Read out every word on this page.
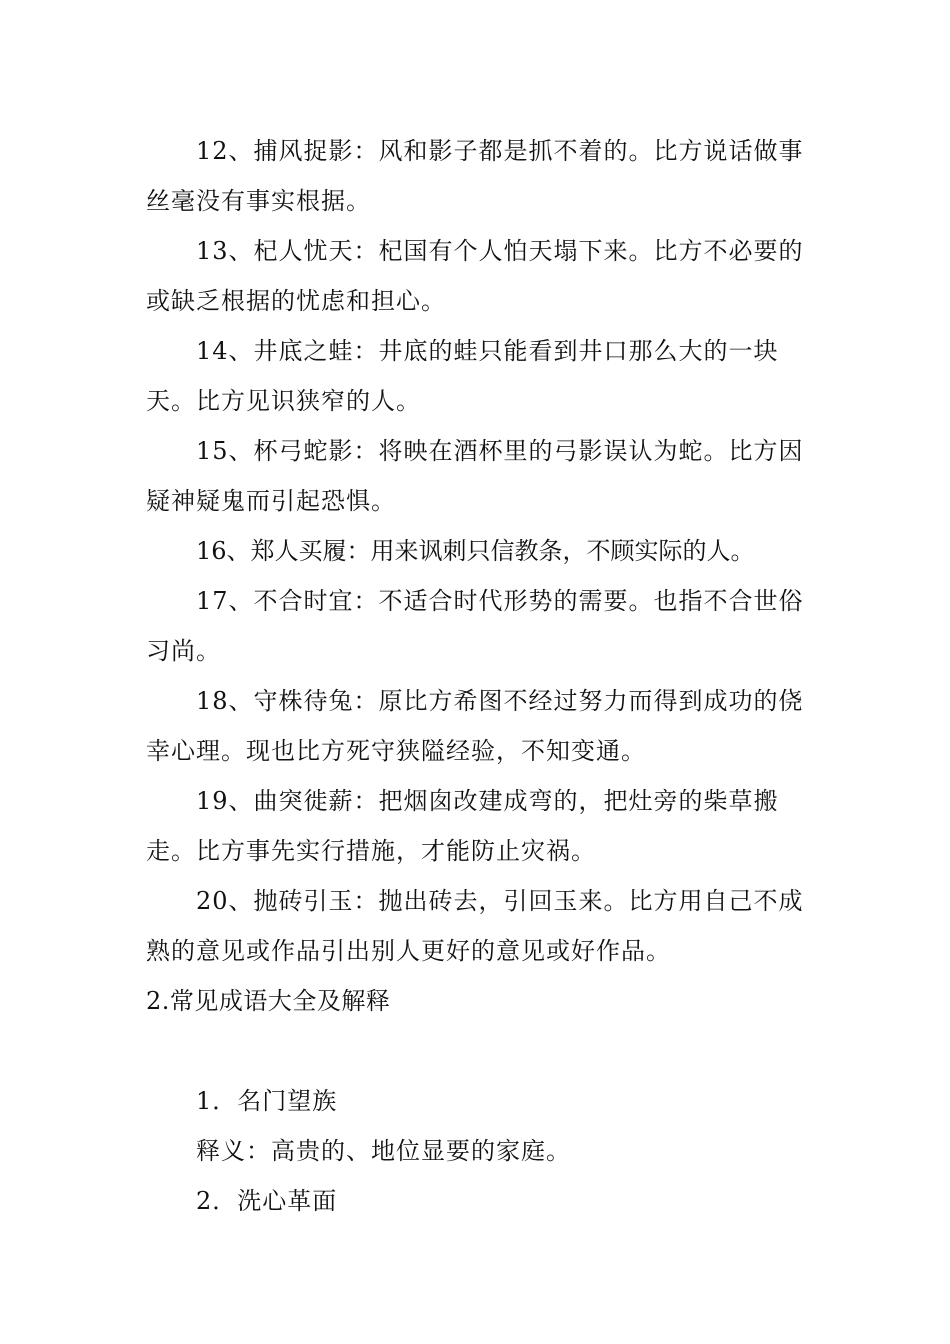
12、捕风捉影：风和影子都是抓不着的。比方说话做事丝毫没有事实根据。

13、杞人忧天：杞国有个人怕天塌下来。比方不必要的或缺乏根据的忧虑和担心。

14、井底之蛙：井底的蛙只能看到井口那么大的一块天。比方见识狭窄的人。

15、杯弓蛇影：将映在酒杯里的弓影误认为蛇。比方因疑神疑鬼而引起恐惧。

16、郑人买履：用来讽刺只信教条，不顾实际的人。

17、不合时宜：不适合时代形势的需要。也指不合世俗习尚。

18、守株待兔：原比方希图不经过努力而得到成功的侥幸心理。现也比方死守狭隘经验，不知变通。

19、曲突徙薪：把烟囱改建成弯的，把灶旁的柴草搬走。比方事先实行措施，才能防止灾祸。

20、抛砖引玉：抛出砖去，引回玉来。比方用自己不成熟的意见或作品引出别人更好的意见或好作品。

2.常见成语大全及解释

1．名门望族

释义：高贵的、地位显要的家庭。

2．洗心革面
